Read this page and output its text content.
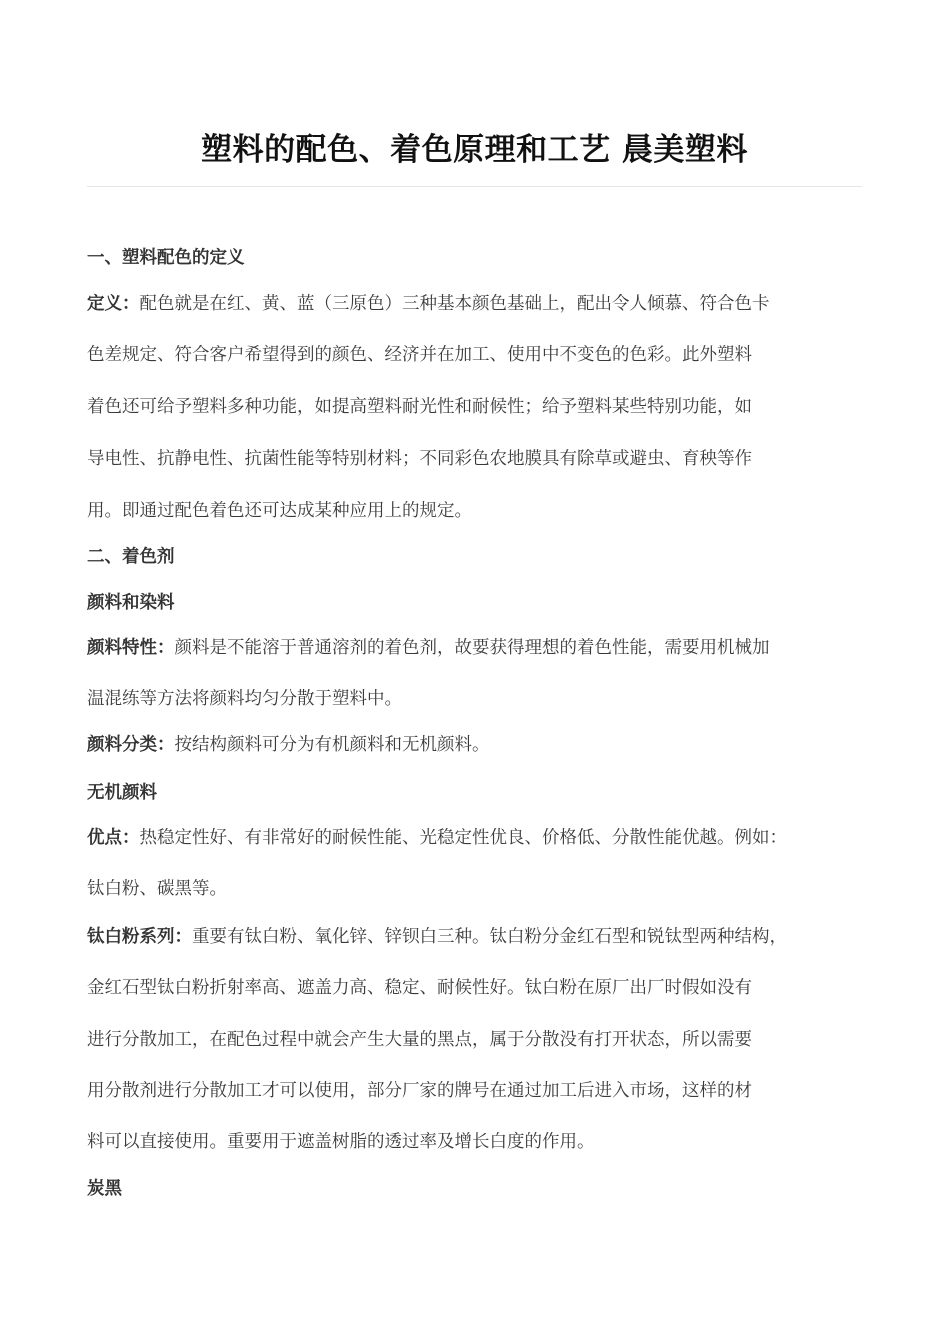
塑料的配色、着色原理和工艺 晨美塑料
一、塑料配色的定义
定义：配色就是在红、黄、蓝（三原色）三种基本颜色基础上，配出令人倾慕、符合色卡
色差规定、符合客户希望得到的颜色、经济并在加工、使用中不变色的色彩。此外塑料
着色还可给予塑料多种功能，如提高塑料耐光性和耐候性；给予塑料某些特别功能，如
导电性、抗静电性、抗菌性能等特别材料；不同彩色农地膜具有除草或避虫、育秧等作
用。即通过配色着色还可达成某种应用上的规定。
二、着色剂
颜料和染料
颜料特性：颜料是不能溶于普通溶剂的着色剂，故要获得理想的着色性能，需要用机械加
温混练等方法将颜料均匀分散于塑料中。
颜料分类：按结构颜料可分为有机颜料和无机颜料。
无机颜料
优点：热稳定性好、有非常好的耐候性能、光稳定性优良、价格低、分散性能优越。例如：
钛白粉、碳黑等。
钛白粉系列：重要有钛白粉、氧化锌、锌钡白三种。钛白粉分金红石型和锐钛型两种结构，
金红石型钛白粉折射率高、遮盖力高、稳定、耐候性好。钛白粉在原厂出厂时假如没有
进行分散加工，在配色过程中就会产生大量的黑点，属于分散没有打开状态，所以需要
用分散剂进行分散加工才可以使用，部分厂家的牌号在通过加工后进入市场，这样的材
料可以直接使用。重要用于遮盖树脂的透过率及增长白度的作用。
炭黑
